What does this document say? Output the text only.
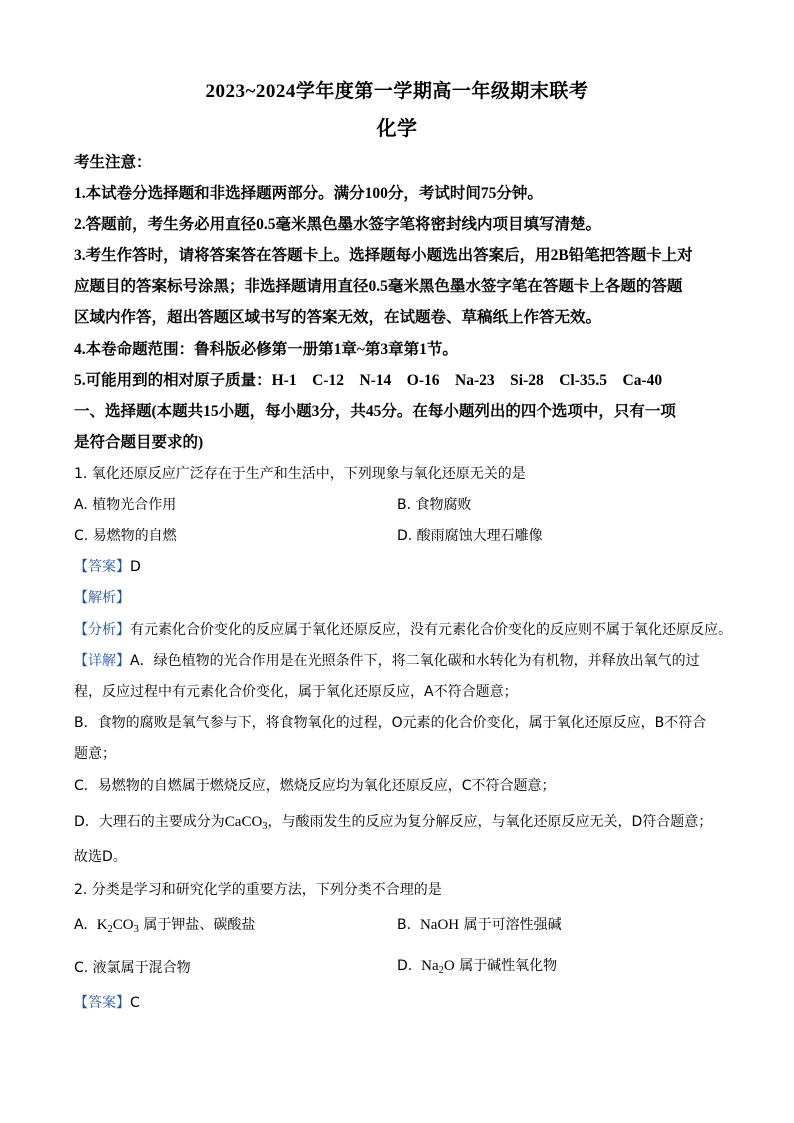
2023~2024学年度第一学期高一年级期末联考
化学
考生注意：
1.本试卷分选择题和非选择题两部分。满分100分，考试时间75分钟。
2.答题前，考生务必用直径0.5毫米黑色墨水签字笔将密封线内项目填写清楚。
3.考生作答时，请将答案答在答题卡上。选择题每小题选出答案后，用2B铅笔把答题卡上对
应题目的答案标号涂黑；非选择题请用直径0.5毫米黑色墨水签字笔在答题卡上各题的答题
区域内作答，超出答题区域书写的答案无效，在试题卷、草稿纸上作答无效。
4.本卷命题范围：鲁科版必修第一册第1章~第3章第1节。
5.可能用到的相对原子质量：H-1　C-12　N-14　O-16　Na-23　Si-28　Cl-35.5　Ca-40
一、选择题(本题共15小题，每小题3分，共45分。在每小题列出的四个选项中，只有一项
是符合题目要求的)
1. 氧化还原反应广泛存在于生产和生活中，下列现象与氧化还原无关的是
A. 植物光合作用	B. 食物腐败
C. 易燃物的自燃	D. 酸雨腐蚀大理石雕像
【答案】D
【解析】
【分析】有元素化合价变化的反应属于氧化还原反应，没有元素化合价变化的反应则不属于氧化还原反应。
【详解】A．绿色植物的光合作用是在光照条件下，将二氧化碳和水转化为有机物，并释放出氧气的过
程，反应过程中有元素化合价变化，属于氧化还原反应，A不符合题意；
B．食物的腐败是氧气参与下，将食物氧化的过程，O元素的化合价变化，属于氧化还原反应，B不符合
题意；
C．易燃物的自燃属于燃烧反应，燃烧反应均为氧化还原反应，C不符合题意；
D．大理石的主要成分为CaCO$_3$，与酸雨发生的反应为复分解反应，与氧化还原反应无关，D符合题意；
故选D。
2. 分类是学习和研究化学的重要方法，下列分类不合理的是
A. $K_2CO_3$ 属于钾盐、碳酸盐	B. NaOH 属于可溶性强碱
C. 液氯属于混合物	D. $Na_2O$ 属于碱性氧化物
【答案】C
